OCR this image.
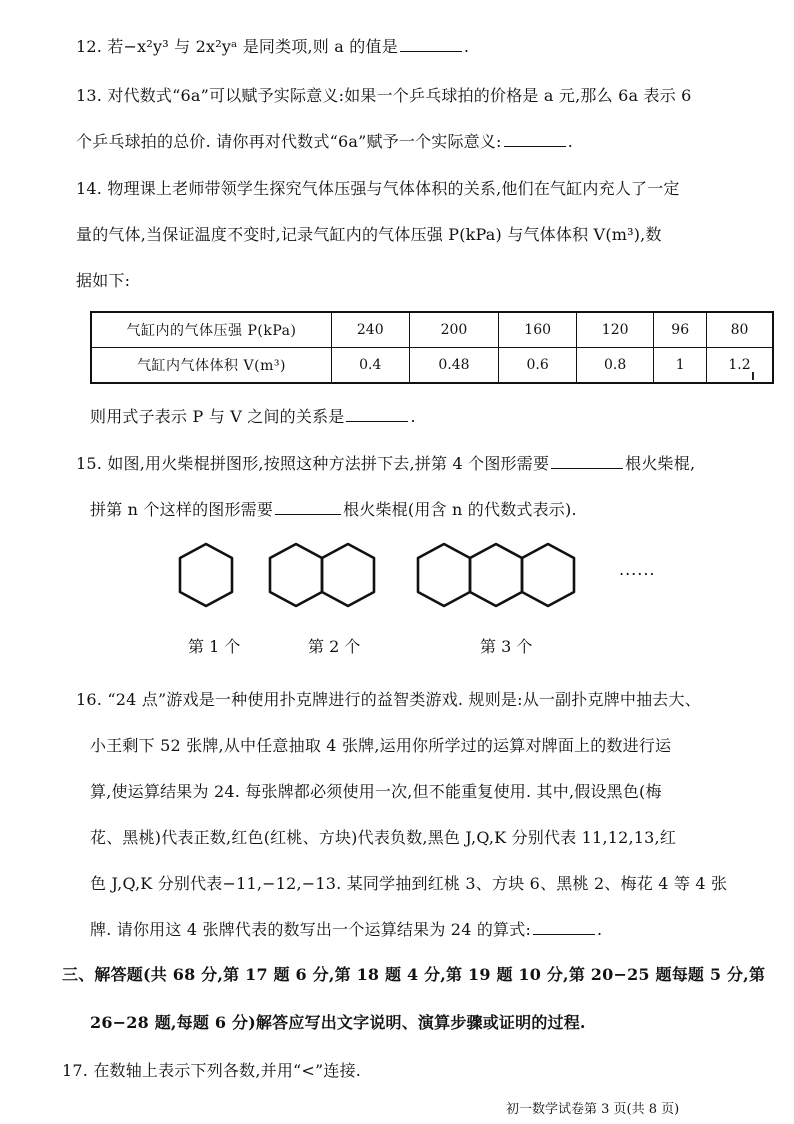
12. 若−x²y³ 与 2x²yᵃ 是同类项,则 a 的值是	.
13. 对代数式“6a”可以赋予实际意义:如果一个乒乓球拍的价格是 a 元,那么 6a 表示 6
个乒乓球拍的总价. 请你再对代数式“6a”赋予一个实际意义:	.
14. 物理课上老师带领学生探究气体压强与气体体积的关系,他们在气缸内充人了一定
量的气体,当保证温度不变时,记录气缸内的气体压强 P(kPa) 与气体体积 V(m³),数
据如下:
气缸内的气体压强 P(kPa)	240	200	160	120	96	80
气缸内气体体积 V(m³)	0.4	0.48	0.6	0.8	1	1.2
则用式子表示 P 与 V 之间的关系是	.
15. 如图,用火柴棍拼图形,按照这种方法拼下去,拼第 4 个图形需要	根火柴棍,
拼第 n 个这样的图形需要	根火柴棍(用含 n 的代数式表示).
......
第 1 个	第 2 个	第 3 个
16. “24 点”游戏是一种使用扑克牌进行的益智类游戏. 规则是:从一副扑克牌中抽去大、
小王剩下 52 张牌,从中任意抽取 4 张牌,运用你所学过的运算对牌面上的数进行运
算,使运算结果为 24. 每张牌都必须使用一次,但不能重复使用. 其中,假设黑色(梅
花、黑桃)代表正数,红色(红桃、方块)代表负数,黑色 J,Q,K 分别代表 11,12,13,红
色 J,Q,K 分别代表−11,−12,−13. 某同学抽到红桃 3、方块 6、黑桃 2、梅花 4 等 4 张
牌. 请你用这 4 张牌代表的数写出一个运算结果为 24 的算式:	.
三、解答题(共 68 分,第 17 题 6 分,第 18 题 4 分,第 19 题 10 分,第 20−25 题每题 5 分,第
26−28 题,每题 6 分)解答应写出文字说明、演算步骤或证明的过程.
17. 在数轴上表示下列各数,并用“<”连接.
初一数学试卷第 3 页(共 8 页)
